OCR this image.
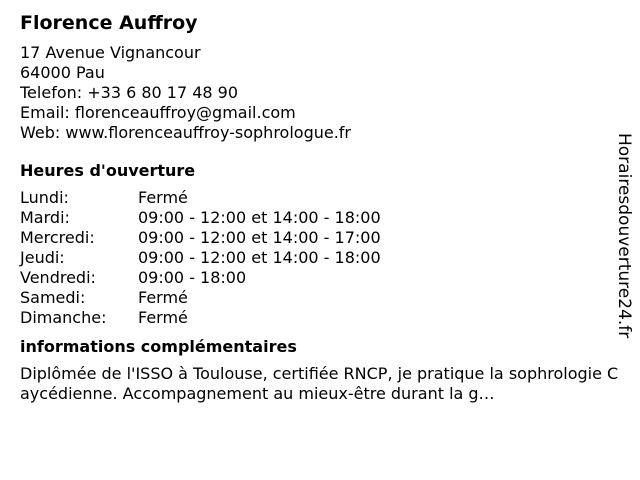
Florence Auffroy
17 Avenue Vignancour
64000 Pau
Telefon: +33 6 80 17 48 90
Email: florenceauffroy@gmail.com
Web: www.florenceauffroy-sophrologue.fr
Heures d'ouverture
Lundi:	Fermé
Mardi:	09:00 - 12:00 et 14:00 - 18:00
Mercredi:	09:00 - 12:00 et 14:00 - 17:00
Jeudi:	09:00 - 12:00 et 14:00 - 18:00
Vendredi:	09:00 - 18:00
Samedi:	Fermé
Dimanche:	Fermé
informations complémentaires
Diplômée de l'ISSO à Toulouse, certifiée RNCP, je pratique la sophrologie Caycédienne. Accompagnement au mieux-être durant la g…
Horairesdouverture24.fr
